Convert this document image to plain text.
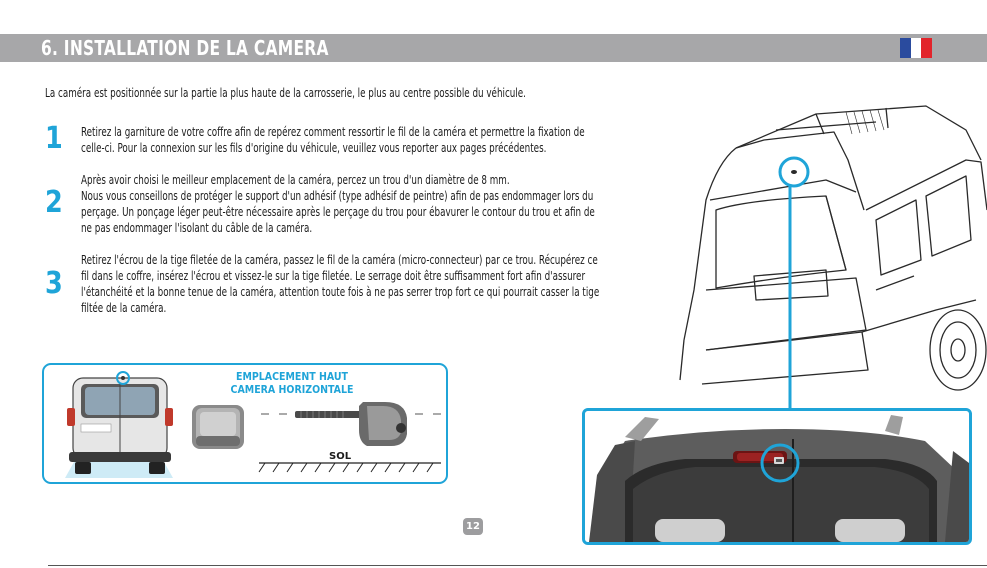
6. INSTALLATION DE LA CAMERA
La caméra est positionnée sur la partie la plus haute de la carrosserie, le plus au centre possible du véhicule.
1 Retirez la garniture de votre coffre afin de repérez comment ressortir le fil de la caméra et permettre la fixation de
celle-ci. Pour la connexion sur les fils d'origine du véhicule, veuillez vous reporter aux pages précédentes.
2
Après avoir choisi le meilleur emplacement de la caméra, percez un trou d'un diamètre de 8 mm.
Nous vous conseillons de protéger le support d'un adhésif (type adhésif de peintre) afin de pas endommager lors du
perçage. Un ponçage léger peut-être nécessaire après le perçage du trou pour ébavurer le contour du trou et afin de
ne pas endommager l'isolant du câble de la caméra.
3
Retirez l'écrou de la tige filetée de la caméra, passez le fil de la caméra (micro-connecteur) par ce trou. Récupérez ce
fil dans le coffre, insérez l'écrou et vissez-le sur la tige filetée. Le serrage doit être suffisamment fort afin d'assurer
l'étanchéité et la bonne tenue de la caméra, attention toute fois à ne pas serrer trop fort ce qui pourrait casser la tige
filtée de la caméra.
EMPLACEMENT HAUT
CAMERA HORIZONTALE
SOL
12
